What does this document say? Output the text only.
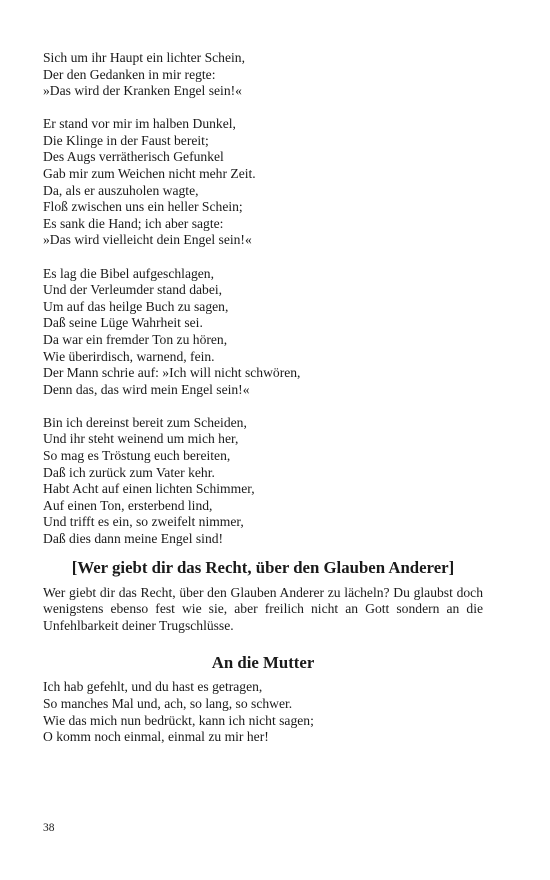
Sich um ihr Haupt ein lichter Schein,
Der den Gedanken in mir regte:
»Das wird der Kranken Engel sein!«
Er stand vor mir im halben Dunkel,
Die Klinge in der Faust bereit;
Des Augs verrätherisch Gefunkel
Gab mir zum Weichen nicht mehr Zeit.
Da, als er auszuholen wagte,
Floß zwischen uns ein heller Schein;
Es sank die Hand; ich aber sagte:
»Das wird vielleicht dein Engel sein!«
Es lag die Bibel aufgeschlagen,
Und der Verleumder stand dabei,
Um auf das heilge Buch zu sagen,
Daß seine Lüge Wahrheit sei.
Da war ein fremder Ton zu hören,
Wie überirdisch, warnend, fein.
Der Mann schrie auf: »Ich will nicht schwören,
Denn das, das wird mein Engel sein!«
Bin ich dereinst bereit zum Scheiden,
Und ihr steht weinend um mich her,
So mag es Tröstung euch bereiten,
Daß ich zurück zum Vater kehr.
Habt Acht auf einen lichten Schimmer,
Auf einen Ton, ersterbend lind,
Und trifft es ein, so zweifelt nimmer,
Daß dies dann meine Engel sind!
[Wer giebt dir das Recht, über den Glauben Anderer]

Wer giebt dir das Recht, über den Glauben Anderer zu lächeln? Du glaubst doch wenigstens ebenso fest wie sie, aber freilich nicht an Gott sondern an die Unfehlbarkeit deiner Trugschlüsse.

An die Mutter
Ich hab gefehlt, und du hast es getragen,
So manches Mal und, ach, so lang, so schwer.
Wie das mich nun bedrückt, kann ich nicht sagen;
O komm noch einmal, einmal zu mir her!
38
